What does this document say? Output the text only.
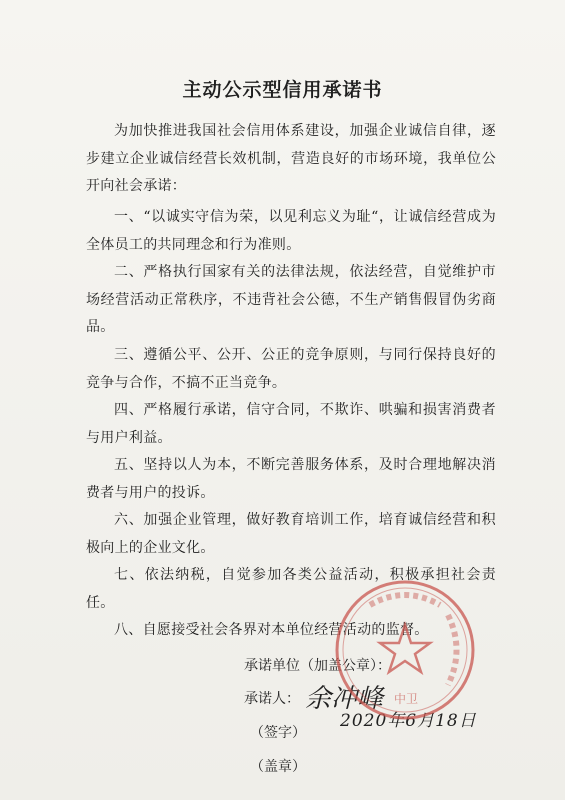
主动公示型信用承诺书

为加快推进我国社会信用体系建设，加强企业诚信自律，逐步建立企业诚信经营长效机制，营造良好的市场环境，我单位公开向社会承诺：

一、“以诚实守信为荣，以见利忘义为耻“，让诚信经营成为全体员工的共同理念和行为准则。

二、严格执行国家有关的法律法规，依法经营，自觉维护市场经营活动正常秩序，不违背社会公德，不生产销售假冒伪劣商品。

三、遵循公平、公开、公正的竞争原则，与同行保持良好的竞争与合作，不搞不正当竞争。

四、严格履行承诺，信守合同，不欺诈、哄骗和损害消费者与用户利益。

五、坚持以人为本，不断完善服务体系，及时合理地解决消费者与用户的投诉。

六、加强企业管理，做好教育培训工作，培育诚信经营和积极向上的企业文化。

七、依法纳税，自觉参加各类公益活动，积极承担社会责任。

八、自愿接受社会各界对本单位经营活动的监督。

承诺单位（加盖公章）：
承诺人： 余冲峰
（签字）
（盖章）
2020年6月18日
中卫
